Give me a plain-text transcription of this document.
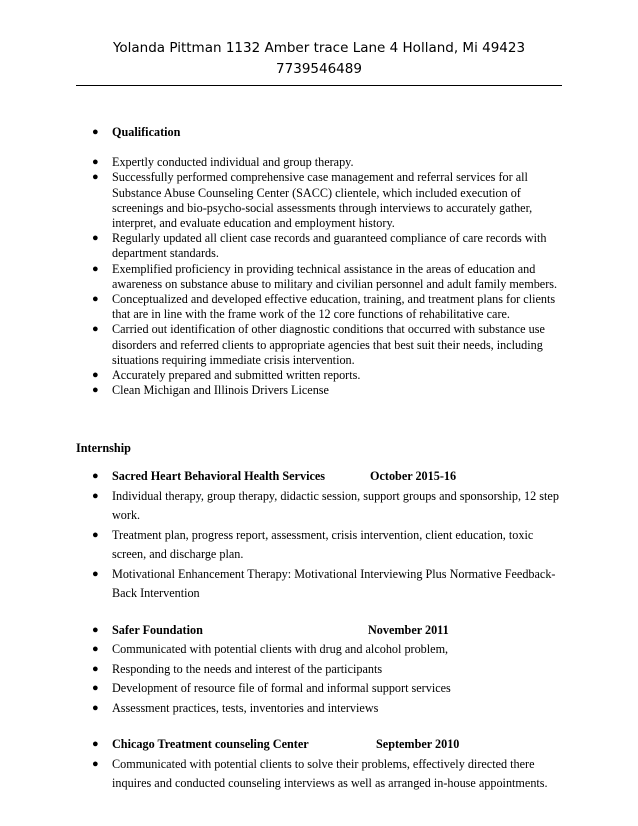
Yolanda Pittman 1132 Amber trace Lane 4 Holland, Mi 49423
7739546489
● Qualification
● Expertly conducted individual and group therapy.
● Successfully performed comprehensive case management and referral services for all Substance Abuse Counseling Center (SACC) clientele, which included execution of screenings and bio-psycho-social assessments through interviews to accurately gather, interpret, and evaluate education and employment history.
● Regularly updated all client case records and guaranteed compliance of care records with department standards.
● Exemplified proficiency in providing technical assistance in the areas of education and awareness on substance abuse to military and civilian personnel and adult family members.
● Conceptualized and developed effective education, training, and treatment plans for clients that are in line with the frame work of the 12 core functions of rehabilitative care.
● Carried out identification of other diagnostic conditions that occurred with substance use disorders and referred clients to appropriate agencies that best suit their needs, including situations requiring immediate crisis intervention.
● Accurately prepared and submitted written reports.
● Clean Michigan and Illinois Drivers License
Internship
● Sacred Heart Behavioral Health Services	October 2015-16
● Individual therapy, group therapy, didactic session, support groups and sponsorship, 12 step work.
● Treatment plan, progress report, assessment, crisis intervention, client education, toxic screen, and discharge plan.
● Motivational Enhancement Therapy: Motivational Interviewing Plus Normative Feedback-Back Intervention
● Safer Foundation	November 2011
● Communicated with potential clients with drug and alcohol problem,
● Responding to the needs and interest of the participants
● Development of resource file of formal and informal support services
● Assessment practices, tests, inventories and interviews
● Chicago Treatment counseling Center	September 2010
● Communicated with potential clients to solve their problems, effectively directed there inquires and conducted counseling interviews as well as arranged in-house appointments.
